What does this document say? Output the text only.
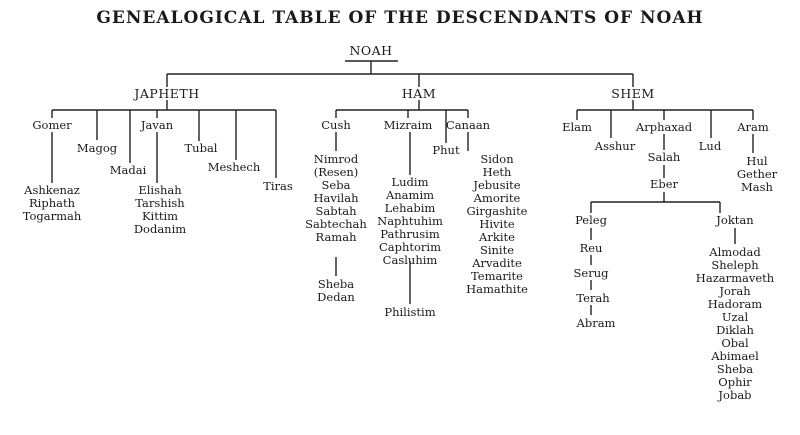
GENEALOGICAL TABLE OF THE DESCENDANTS OF NOAH
NOAH
JAPHETH	HAM	SHEM
Gomer
Magog
Madai
Javan
Tubal
Meshech
Tiras
Ashkenaz
Riphath
Togarmah
Elishah
Tarshish
Kittim
Dodanim
Cush	Mizraim
Phut
Canaan
Nimrod
(Resen)
Seba
Havilah
Sabtah
Sabtechah
Ramah
Sheba
Dedan
Ludim
Anamim
Lehabim
Naphtuhim
Pathrusim
Caphtorim
Casluhim
Philistim
Sidon
Heth
Jebusite
Amorite
Girgashite
Hivite
Arkite
Sinite
Arvadite
Temarite
Hamathite
Elam
Asshur
Arphaxad
Salah
Eber
Lud
Aram
Hul
Gether
Mash
Peleg
Reu
Serug
Terah
Abram
Joktan
Almodad
Sheleph
Hazarmaveth
Jorah
Hadoram
Uzal
Diklah
Obal
Abimael
Sheba
Ophir
Jobab
